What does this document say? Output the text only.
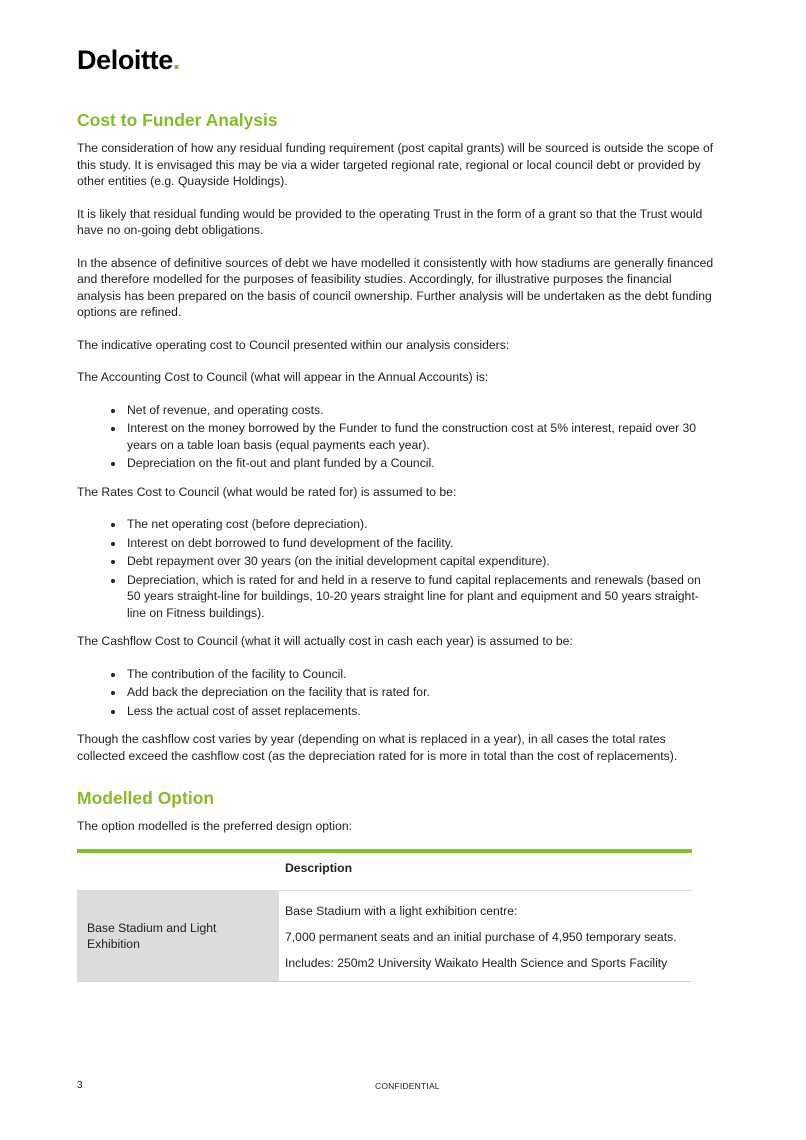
Deloitte.
Cost to Funder Analysis

The consideration of how any residual funding requirement (post capital grants) will be sourced is outside the scope of this study. It is envisaged this may be via a wider targeted regional rate, regional or local council debt or provided by other entities (e.g. Quayside Holdings).

It is likely that residual funding would be provided to the operating Trust in the form of a grant so that the Trust would have no on-going debt obligations.

In the absence of definitive sources of debt we have modelled it consistently with how stadiums are generally financed and therefore modelled for the purposes of feasibility studies. Accordingly, for illustrative purposes the financial analysis has been prepared on the basis of council ownership. Further analysis will be undertaken as the debt funding options are refined.

The indicative operating cost to Council presented within our analysis considers:

The Accounting Cost to Council (what will appear in the Annual Accounts) is:

• Net of revenue, and operating costs.
• Interest on the money borrowed by the Funder to fund the construction cost at 5% interest, repaid over 30 years on a table loan basis (equal payments each year).
• Depreciation on the fit-out and plant funded by a Council.

The Rates Cost to Council (what would be rated for) is assumed to be:

• The net operating cost (before depreciation).
• Interest on debt borrowed to fund development of the facility.
• Debt repayment over 30 years (on the initial development capital expenditure).
• Depreciation, which is rated for and held in a reserve to fund capital replacements and renewals (based on 50 years straight-line for buildings, 10-20 years straight line for plant and equipment and 50 years straight-line on Fitness buildings).

The Cashflow Cost to Council (what it will actually cost in cash each year) is assumed to be:

• The contribution of the facility to Council.
• Add back the depreciation on the facility that is rated for.
• Less the actual cost of asset replacements.

Though the cashflow cost varies by year (depending on what is replaced in a year), in all cases the total rates collected exceed the cashflow cost (as the depreciation rated for is more in total than the cost of replacements).

Modelled Option

The option modelled is the preferred design option:

	Description
Base Stadium and Light Exhibition	Base Stadium with a light exhibition centre:
7,000 permanent seats and an initial purchase of 4,950 temporary seats.
Includes: 250m2 University Waikato Health Science and Sports Facility
3	CONFIDENTIAL
